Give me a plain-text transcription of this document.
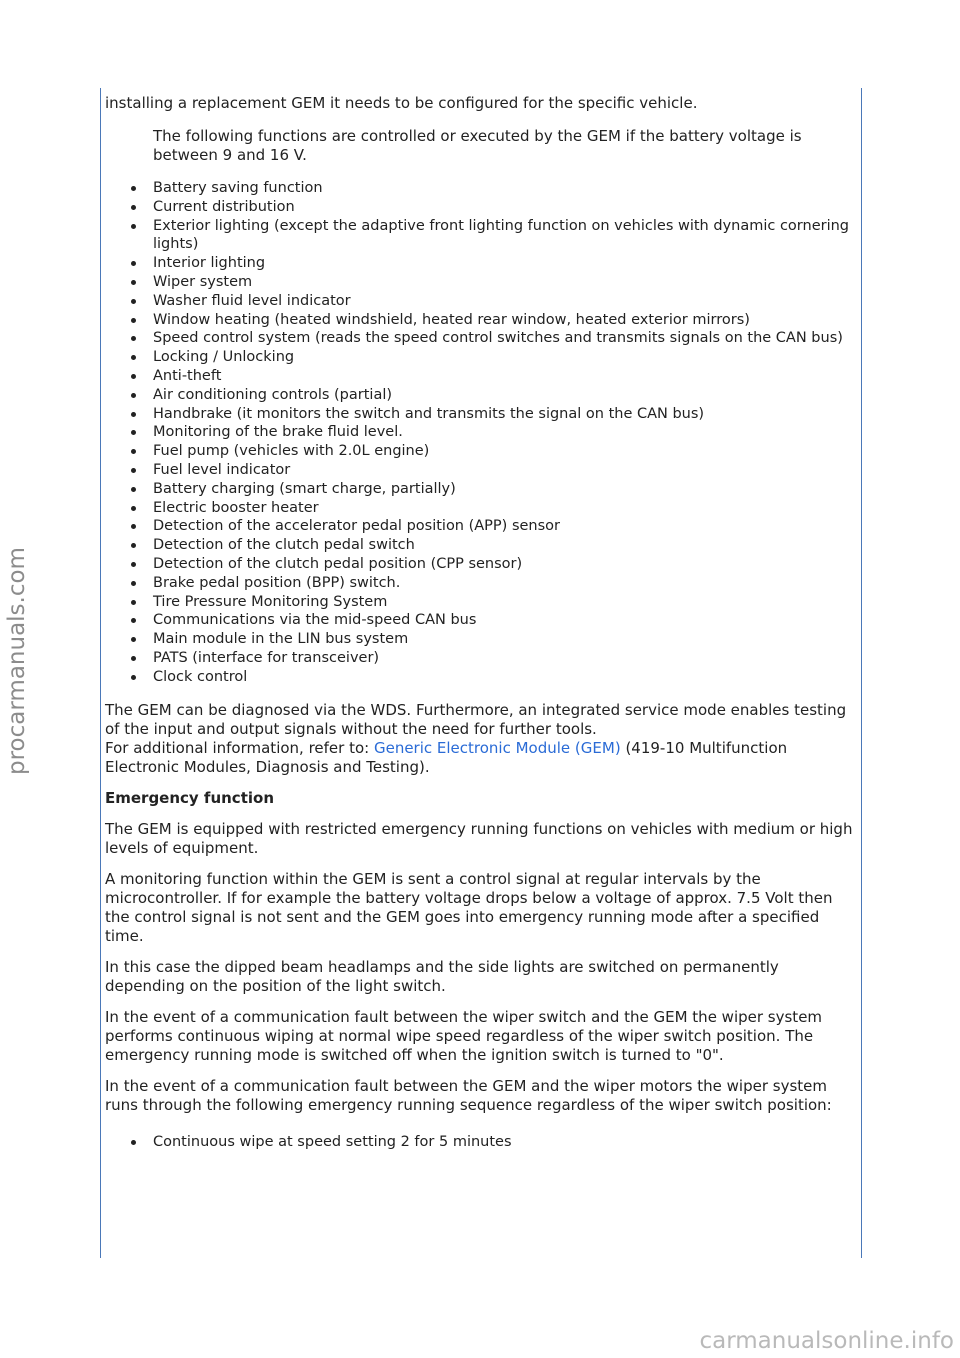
installing a replacement GEM it needs to be configured for the specific vehicle.

The following functions are controlled or executed by the GEM if the battery voltage is between 9 and 16 V.

Battery saving function
Current distribution
Exterior lighting (except the adaptive front lighting function on vehicles with dynamic cornering lights)
Interior lighting
Wiper system
Washer fluid level indicator
Window heating (heated windshield, heated rear window, heated exterior mirrors)
Speed control system (reads the speed control switches and transmits signals on the CAN bus)
Locking / Unlocking
Anti-theft
Air conditioning controls (partial)
Handbrake (it monitors the switch and transmits the signal on the CAN bus)
Monitoring of the brake fluid level.
Fuel pump (vehicles with 2.0L engine)
Fuel level indicator
Battery charging (smart charge, partially)
Electric booster heater
Detection of the accelerator pedal position (APP) sensor
Detection of the clutch pedal switch
Detection of the clutch pedal position (CPP sensor)
Brake pedal position (BPP) switch.
Tire Pressure Monitoring System
Communications via the mid-speed CAN bus
Main module in the LIN bus system
PATS (interface for transceiver)
Clock control

The GEM can be diagnosed via the WDS. Furthermore, an integrated service mode enables testing of the input and output signals without the need for further tools.
For additional information, refer to: Generic Electronic Module (GEM) (419-10 Multifunction Electronic Modules, Diagnosis and Testing).

Emergency function

The GEM is equipped with restricted emergency running functions on vehicles with medium or high levels of equipment.

A monitoring function within the GEM is sent a control signal at regular intervals by the microcontroller. If for example the battery voltage drops below a voltage of approx. 7.5 Volt then the control signal is not sent and the GEM goes into emergency running mode after a specified time.

In this case the dipped beam headlamps and the side lights are switched on permanently depending on the position of the light switch.

In the event of a communication fault between the wiper switch and the GEM the wiper system performs continuous wiping at normal wipe speed regardless of the wiper switch position. The emergency running mode is switched off when the ignition switch is turned to "0".

In the event of a communication fault between the GEM and the wiper motors the wiper system runs through the following emergency running sequence regardless of the wiper switch position:

Continuous wipe at speed setting 2 for 5 minutes
procarmanuals.com
carmanualsonline.info
